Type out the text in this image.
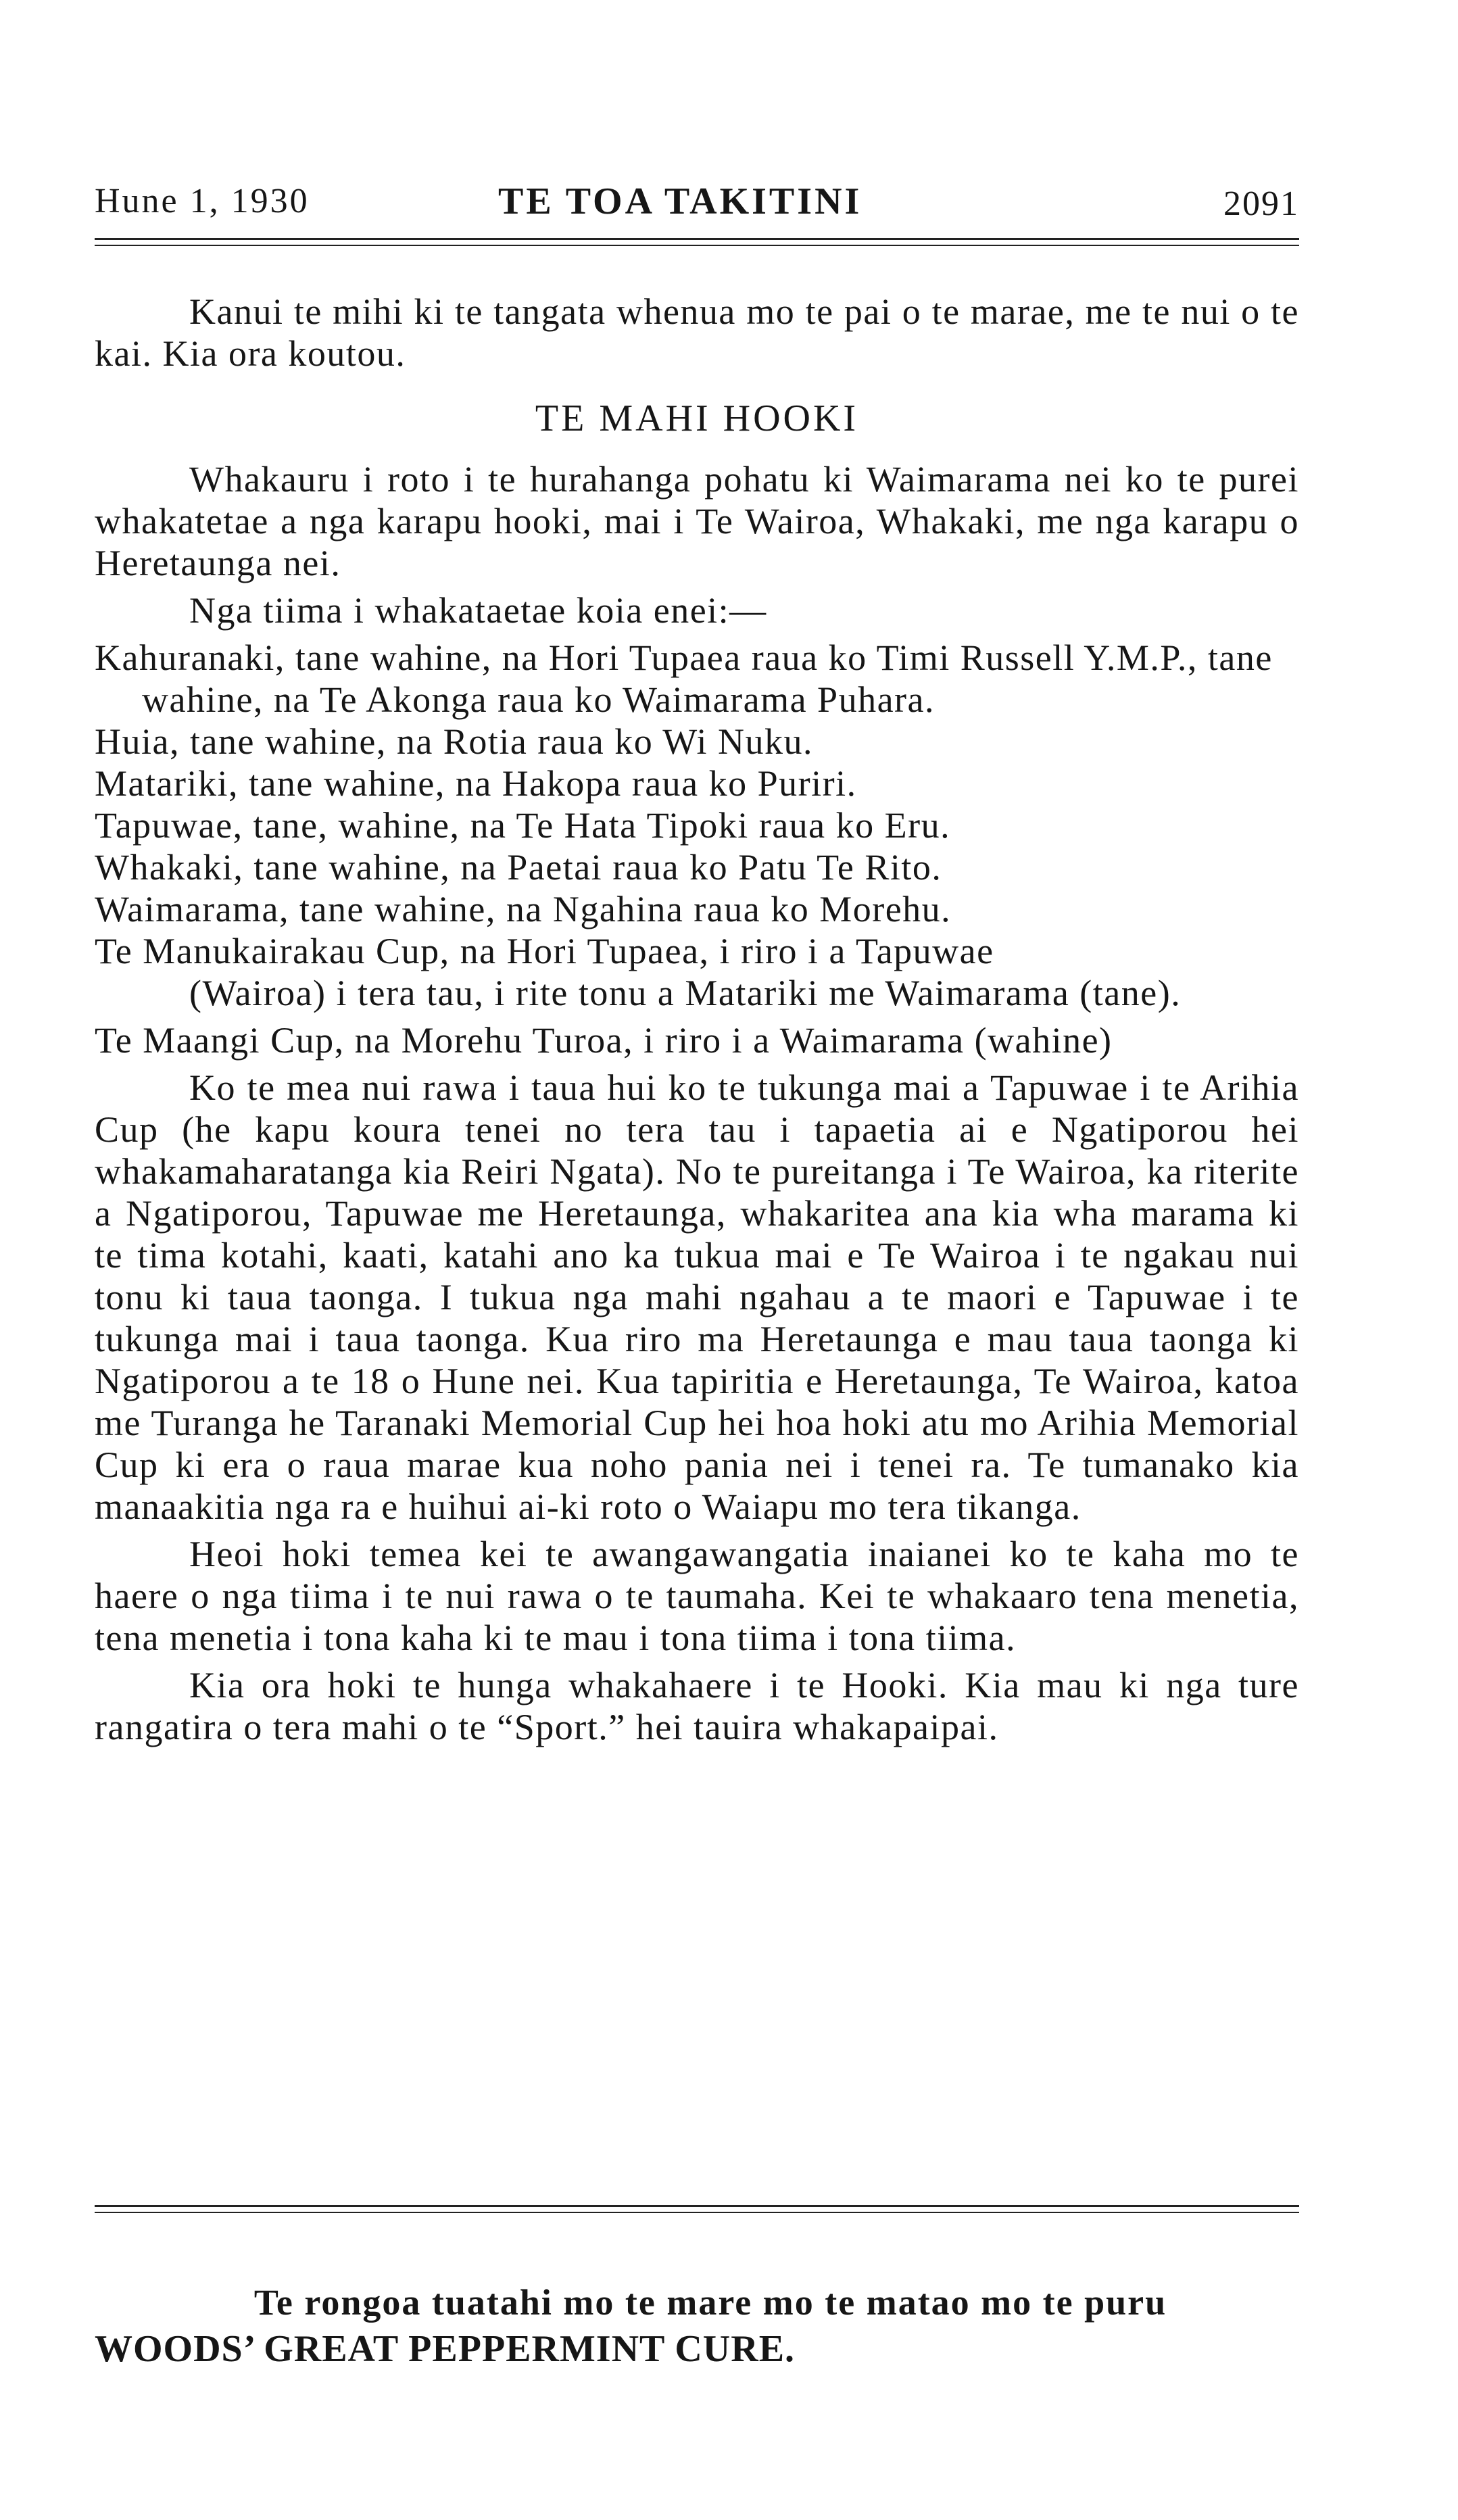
Hune 1, 1930	TE TOA TAKITINI	2091

Kanui te mihi ki te tangata whenua mo te pai o te marae, me te nui o te kai. Kia ora koutou.

TE MAHI HOOKI

Whakauru i roto i te hurahanga pohatu ki Waimarama nei ko te purei whakatetae a nga karapu hooki, mai i Te Wairoa, Whakaki, me nga karapu o Heretaunga nei.

Nga tiima i whakataetae koia enei:—

Kahuranaki, tane wahine, na Hori Tupaea raua ko Timi Russell Y.M.P., tane wahine, na Te Akonga raua ko Waimarama Puhara.
Huia, tane wahine, na Rotia raua ko Wi Nuku.
Matariki, tane wahine, na Hakopa raua ko Puriri.
Tapuwae, tane, wahine, na Te Hata Tipoki raua ko Eru.
Whakaki, tane wahine, na Paetai raua ko Patu Te Rito.
Waimarama, tane wahine, na Ngahina raua ko Morehu.

Te Manukairakau Cup, na Hori Tupaea, i riro i a Tapuwae

(Wairoa) i tera tau, i rite tonu a Matariki me Waimarama (tane).

Te Maangi Cup, na Morehu Turoa, i riro i a Waimarama (wahine)

Ko te mea nui rawa i taua hui ko te tukunga mai a Tapuwae i te Arihia Cup (he kapu koura tenei no tera tau i tapaetia ai e Ngatiporou hei whakamaharatanga kia Reiri Ngata). No te pureitanga i Te Wairoa, ka riterite a Ngatiporou, Tapuwae me Heretaunga, whakaritea ana kia wha marama ki te tima kotahi, kaati, katahi ano ka tukua mai e Te Wairoa i te ngakau nui tonu ki taua taonga. I tukua nga mahi ngahau a te maori e Tapuwae i te tukunga mai i taua taonga. Kua riro ma Heretaunga e mau taua taonga ki Ngatiporou a te 18 o Hune nei. Kua tapiritia e Heretaunga, Te Wairoa, katoa me Turanga he Taranaki Memorial Cup hei hoa hoki atu mo Arihia Memorial Cup ki era o raua marae kua noho pania nei i tenei ra. Te tumanako kia manaakitia nga ra e huihui ai-ki roto o Waiapu mo tera tikanga.

Heoi hoki temea kei te awangawangatia inaianei ko te kaha mo te haere o nga tiima i te nui rawa o te taumaha. Kei te whakaaro tena menetia, tena menetia i tona kaha ki te mau i tona tiima i tona tiima.

Kia ora hoki te hunga whakahaere i te Hooki. Kia mau ki nga ture rangatira o tera mahi o te “Sport.” hei tauira whakapaipai.

Te rongoa tuatahi mo te mare mo te matao mo te puru
WOODS’ GREAT PEPPERMINT CURE.
